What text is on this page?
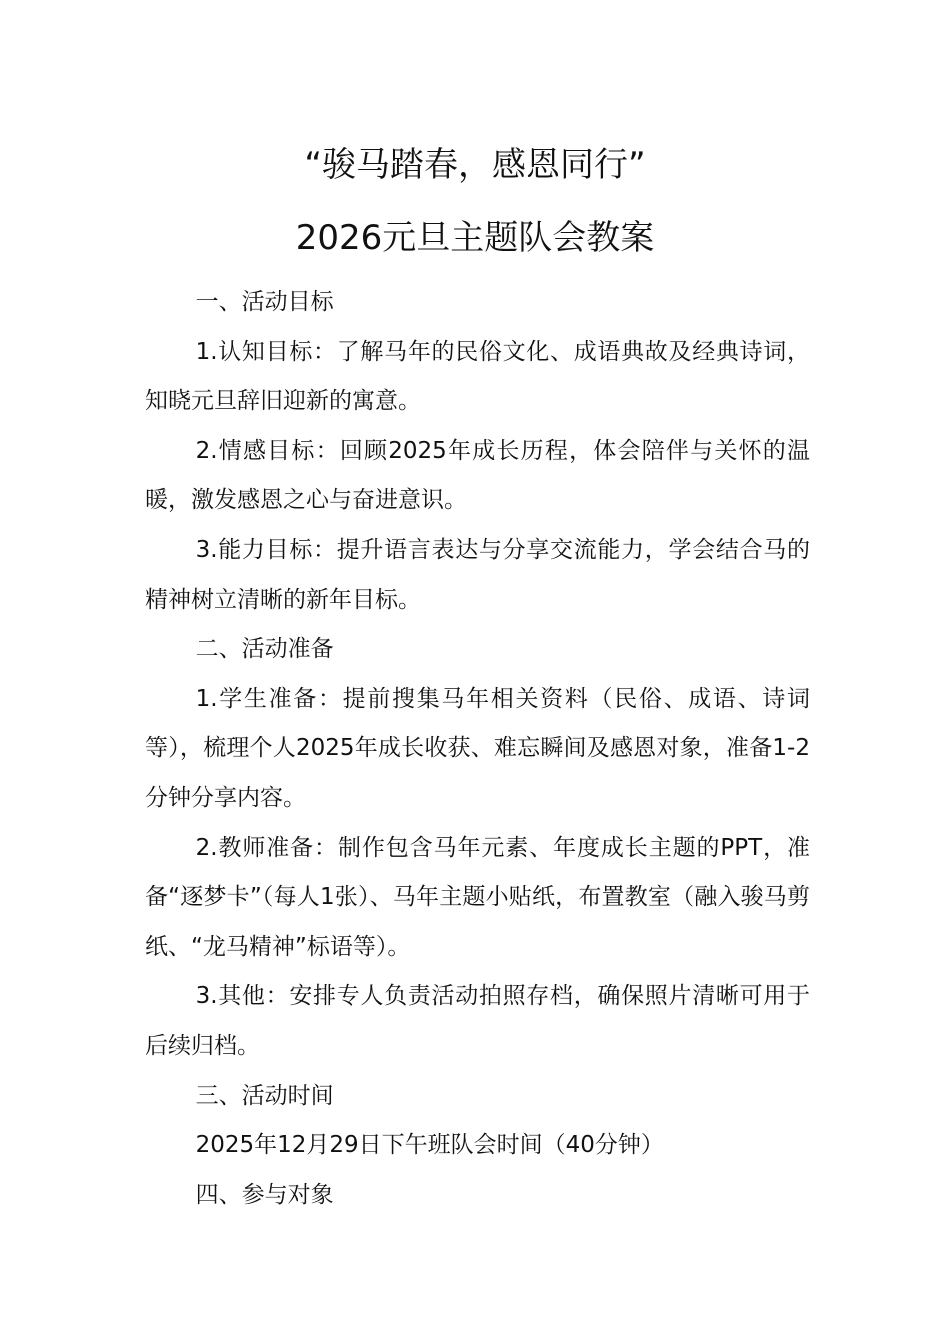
“骏马踏春，感恩同行”
2026元旦主题队会教案

一、活动目标

1.认知目标：了解马年的民俗文化、成语典故及经典诗词，知晓元旦辞旧迎新的寓意。

2.情感目标：回顾2025年成长历程，体会陪伴与关怀的温暖，激发感恩之心与奋进意识。

3.能力目标：提升语言表达与分享交流能力，学会结合马的精神树立清晰的新年目标。

二、活动准备

1.学生准备：提前搜集马年相关资料（民俗、成语、诗词等），梳理个人2025年成长收获、难忘瞬间及感恩对象，准备1-2分钟分享内容。

2.教师准备：制作包含马年元素、年度成长主题的PPT，准备“逐梦卡”（每人1张）、马年主题小贴纸，布置教室（融入骏马剪纸、“龙马精神”标语等）。

3.其他：安排专人负责活动拍照存档，确保照片清晰可用于后续归档。

三、活动时间

2025年12月29日下午班队会时间（40分钟）

四、参与对象
